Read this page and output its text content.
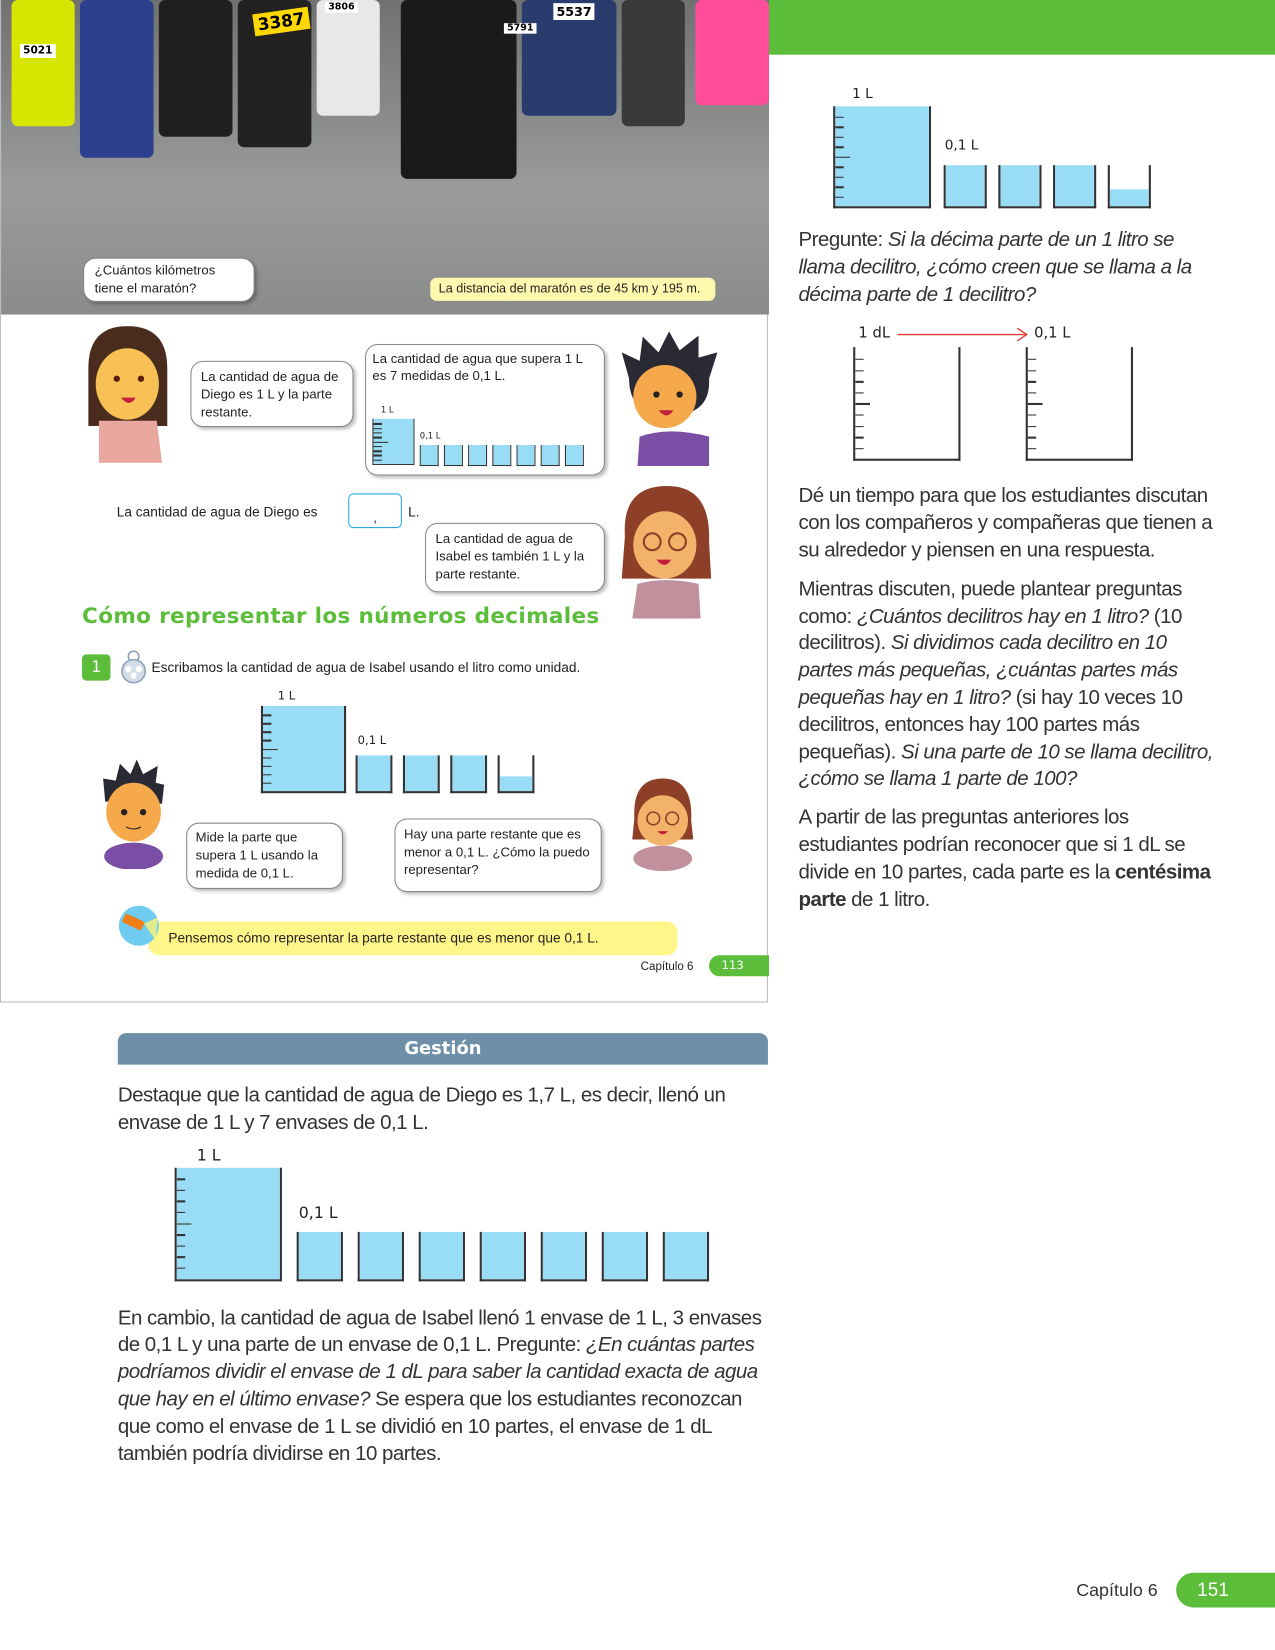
5021
3387
3806	5537
5791
¿Cuántos kilómetros tiene el maratón?	La distancia del maratón es de 45 km y 195 m.
La cantidad de agua de Diego es 1 L y la parte restante.
La cantidad de agua que supera 1 L es 7 medidas de 0,1 L.
1 L
0,1 L
La cantidad de agua de Diego es	,	L.
La cantidad de agua de Isabel es también 1 L y la parte restante.
Cómo representar los números decimales
1	Escribamos la cantidad de agua de Isabel usando el litro como unidad.
1 L
0,1 L
Mide la parte que supera 1 L usando la medida de 0,1 L.
Hay una parte restante que es menor a 0,1 L. ¿Cómo la puedo representar?
Pensemos cómo representar la parte restante que es menor que 0,1 L.
Capítulo 6	113
1 L
0,1 L
Pregunte: Si la décima parte de un 1 litro se llama decilitro, ¿cómo creen que se llama a la décima parte de 1 decilitro?
1 dL	0,1 L
Dé un tiempo para que los estudiantes discutan con los compañeros y compañeras que tienen a su alrededor y piensen en una respuesta.
Mientras discuten, puede plantear preguntas como: ¿Cuántos decilitros hay en 1 litro? (10 decilitros). Si dividimos cada decilitro en 10 partes más pequeñas, ¿cuántas partes más pequeñas hay en 1 litro? (si hay 10 veces 10 decilitros, entonces hay 100 partes más pequeñas). Si una parte de 10 se llama decilitro, ¿cómo se llama 1 parte de 100?
A partir de las preguntas anteriores los estudiantes podrían reconocer que si 1 dL se divide en 10 partes, cada parte es la centésima parte de 1 litro.
Gestión
Destaque que la cantidad de agua de Diego es 1,7 L, es decir, llenó un envase de 1 L y 7 envases de 0,1 L.
1 L
0,1 L
En cambio, la cantidad de agua de Isabel llenó 1 envase de 1 L, 3 envases de 0,1 L y una parte de un envase de 0,1 L. Pregunte: ¿En cuántas partes podríamos dividir el envase de 1 dL para saber la cantidad exacta de agua que hay en el último envase? Se espera que los estudiantes reconozcan que como el envase de 1 L se dividió en 10 partes, el envase de 1 dL también podría dividirse en 10 partes.
Capítulo 6	151
